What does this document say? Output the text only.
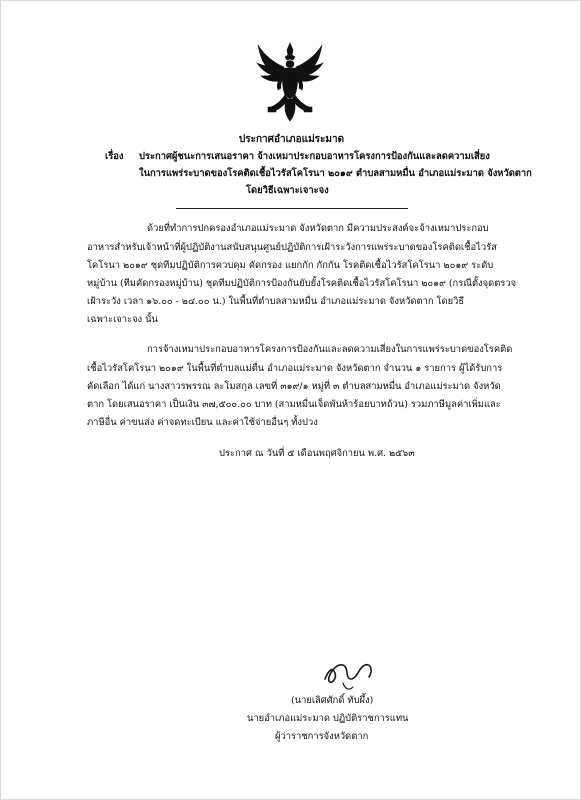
ประกาศอำเภอแม่ระมาด
เรื่อง ประกาศผู้ชนะการเสนอราคา จ้างเหมาประกอบอาหารโครงการป้องกันและลดความเสี่ยง
ในการแพร่ระบาดของโรคติดเชื้อไวรัสโคโรนา ๒๐๑๙ ตำบลสามหมื่น อำเภอแม่ระมาด จังหวัดตาก
โดยวิธีเฉพาะเจาะจง
ด้วยที่ทำการปกครองอำเภอแม่ระมาด จังหวัดตาก มีความประสงค์จะจ้างเหมาประกอบ
อาหารสำหรับเจ้าหน้าที่ผู้ปฏิบัติงานสนับสนุนศูนย์ปฏิบัติการเฝ้าระวังการแพร่ระบาดของโรคติดเชื้อไวรัส
โคโรนา ๒๐๑๙ ชุดทีมปฏิบัติการควบคุม คัดกรอง แยกกัก กักกัน โรคติดเชื้อไวรัสโคโรนา ๒๐๑๙ ระดับ
หมู่บ้าน (ทีมคัดกรองหมู่บ้าน) ชุดทีมปฏิบัติการป้องกันยับยั้งโรคติดเชื้อไวรัสโคโรนา ๒๐๑๙ (กรณีตั้งจุดตรวจ
เฝ้าระวัง เวลา ๑๖.๐๐ - ๒๔.๐๐ น.) ในพื้นที่ตำบลสามหมื่น อำเภอแม่ระมาด จังหวัดตาก โดยวิธี
เฉพาะเจาะจง นั้น
การจ้างเหมาประกอบอาหารโครงการป้องกันและลดความเสี่ยงในการแพร่ระบาดของโรคติด
เชื้อไวรัสโคโรนา ๒๐๑๙ ในพื้นที่ตำบลแม่ตื่น อำเภอแม่ระมาด จังหวัดตาก จำนวน ๑ รายการ ผู้ได้รับการ
คัดเลือก ได้แก่ นางสาวรพรรณ ละโมสกุล เลขที่ ๓๑๙/๑ หมู่ที่ ๓ ตำบลสามหมื่น อำเภอแม่ระมาด จังหวัด
ตาก โดยเสนอราคา เป็นเงิน ๓๗,๕๐๐.๐๐ บาท (สามหมื่นเจ็ดพันห้าร้อยบาทถ้วน) รวมภาษีมูลค่าเพิ่มและ
ภาษีอื่น ค่าขนส่ง ค่าจดทะเบียน และค่าใช้จ่ายอื่นๆ ทั้งปวง
ประกาศ ณ วันที่ ๕ เดือนพฤศจิกายน พ.ศ. ๒๕๖๓
(นายเลิศศักดิ์ ทับผึ้ง)
นายอำเภอแม่ระมาด ปฏิบัติราชการแทน
ผู้ว่าราชการจังหวัดตาก
